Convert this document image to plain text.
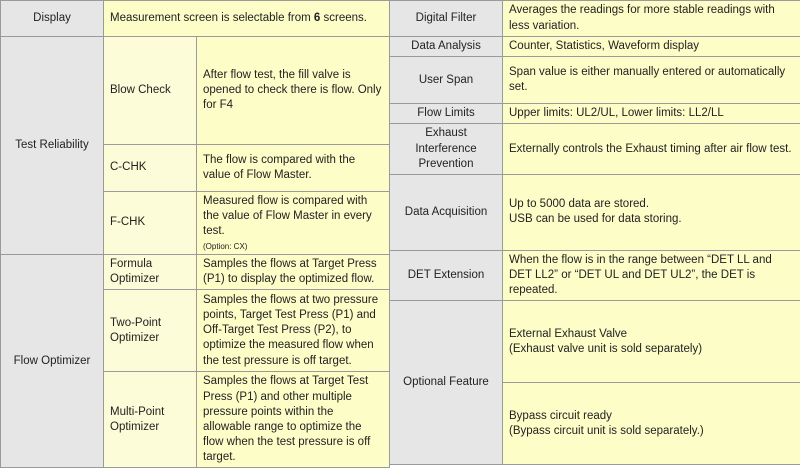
Display	Measurement screen is selectable from 6 screens.	
Test Reliability	Blow Check	After flow test, the fill valve is opened to check there is flow. Only for F4
	C-CHK	The flow is compared with the value of Flow Master.
	F-CHK	Measured flow is compared with the value of Flow Master in every test.
(Option: CX)

Flow Optimizer	Formula Optimizer	Samples the flows at Target Press (P1) to display the optimized flow.
	Two-Point Optimizer	Samples the flows at two pressure points, Target Test Press (P1) and Off-Target Test Press (P2), to optimize the measured flow when the test pressure is off target.
	Multi-Point Optimizer	Samples the flows at Target Test Press (P1) and other multiple pressure points within the allowable range to optimize the flow when the test pressure is off target.
Digital Filter	Averages the readings for more stable readings with less variation.
Data Analysis	Counter, Statistics, Waveform display
User Span	Span value is either manually entered or automatically set.
Flow Limits	Upper limits: UL2/UL, Lower limits: LL2/LL
Exhaust Interference Prevention	Externally controls the Exhaust timing after air flow test.
Data Acquisition	Up to 5000 data are stored.
USB can be used for data storing.
DET Extension	When the flow is in the range between “DET LL and DET LL2” or “DET UL and DET UL2”, the DET is repeated.
Optional Feature	External Exhaust Valve
(Exhaust valve unit is sold separately)
	Bypass circuit ready
(Bypass circuit unit is sold separately.)
